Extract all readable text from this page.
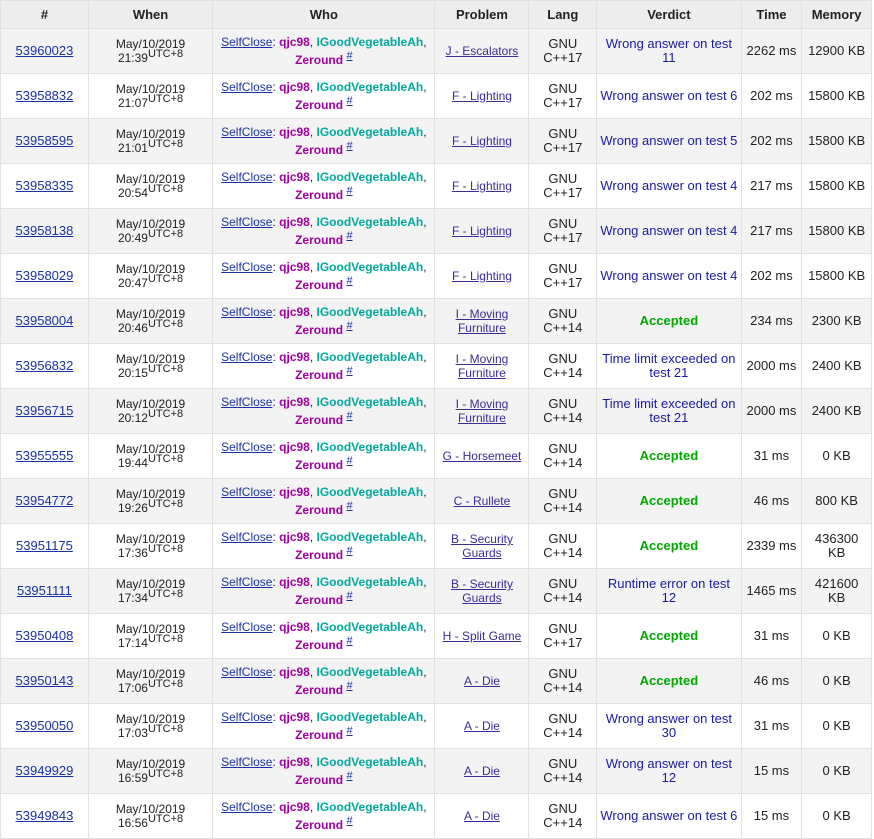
#	When	Who	Problem	Lang	Verdict	Time	Memory
53960023	May/10/2019
21:39UTC+8	SelfClose: qjc98, IGoodVegetableAh,
Zeround #	J - Escalators	GNU C++17	Wrong answer on test 11	2262 ms	12900 KB
53958832	May/10/2019
21:07UTC+8	SelfClose: qjc98, IGoodVegetableAh,
Zeround #	F - Lighting	GNU C++17	Wrong answer on test 6	202 ms	15800 KB
53958595	May/10/2019
21:01UTC+8	SelfClose: qjc98, IGoodVegetableAh,
Zeround #	F - Lighting	GNU C++17	Wrong answer on test 5	202 ms	15800 KB
53958335	May/10/2019
20:54UTC+8	SelfClose: qjc98, IGoodVegetableAh,
Zeround #	F - Lighting	GNU C++17	Wrong answer on test 4	217 ms	15800 KB
53958138	May/10/2019
20:49UTC+8	SelfClose: qjc98, IGoodVegetableAh,
Zeround #	F - Lighting	GNU C++17	Wrong answer on test 4	217 ms	15800 KB
53958029	May/10/2019
20:47UTC+8	SelfClose: qjc98, IGoodVegetableAh,
Zeround #	F - Lighting	GNU C++17	Wrong answer on test 4	202 ms	15800 KB
53958004	May/10/2019
20:46UTC+8	SelfClose: qjc98, IGoodVegetableAh,
Zeround #	I - Moving Furniture	GNU C++14	Accepted	234 ms	2300 KB
53956832	May/10/2019
20:15UTC+8	SelfClose: qjc98, IGoodVegetableAh,
Zeround #	I - Moving Furniture	GNU C++14	Time limit exceeded on test 21	2000 ms	2400 KB
53956715	May/10/2019
20:12UTC+8	SelfClose: qjc98, IGoodVegetableAh,
Zeround #	I - Moving Furniture	GNU C++14	Time limit exceeded on test 21	2000 ms	2400 KB
53955555	May/10/2019
19:44UTC+8	SelfClose: qjc98, IGoodVegetableAh,
Zeround #	G - Horsemeet	GNU C++14	Accepted	31 ms	0 KB
53954772	May/10/2019
19:26UTC+8	SelfClose: qjc98, IGoodVegetableAh,
Zeround #	C - Rullete	GNU C++14	Accepted	46 ms	800 KB
53951175	May/10/2019
17:36UTC+8	SelfClose: qjc98, IGoodVegetableAh,
Zeround #	B - Security Guards	GNU C++14	Accepted	2339 ms	436300 KB
53951111	May/10/2019
17:34UTC+8	SelfClose: qjc98, IGoodVegetableAh,
Zeround #	B - Security Guards	GNU C++14	Runtime error on test 12	1465 ms	421600 KB
53950408	May/10/2019
17:14UTC+8	SelfClose: qjc98, IGoodVegetableAh,
Zeround #	H - Split Game	GNU C++17	Accepted	31 ms	0 KB
53950143	May/10/2019
17:06UTC+8	SelfClose: qjc98, IGoodVegetableAh,
Zeround #	A - Die	GNU C++14	Accepted	46 ms	0 KB
53950050	May/10/2019
17:03UTC+8	SelfClose: qjc98, IGoodVegetableAh,
Zeround #	A - Die	GNU C++14	Wrong answer on test 30	31 ms	0 KB
53949929	May/10/2019
16:59UTC+8	SelfClose: qjc98, IGoodVegetableAh,
Zeround #	A - Die	GNU C++14	Wrong answer on test 12	15 ms	0 KB
53949843	May/10/2019
16:56UTC+8	SelfClose: qjc98, IGoodVegetableAh,
Zeround #	A - Die	GNU C++14	Wrong answer on test 6	15 ms	0 KB
